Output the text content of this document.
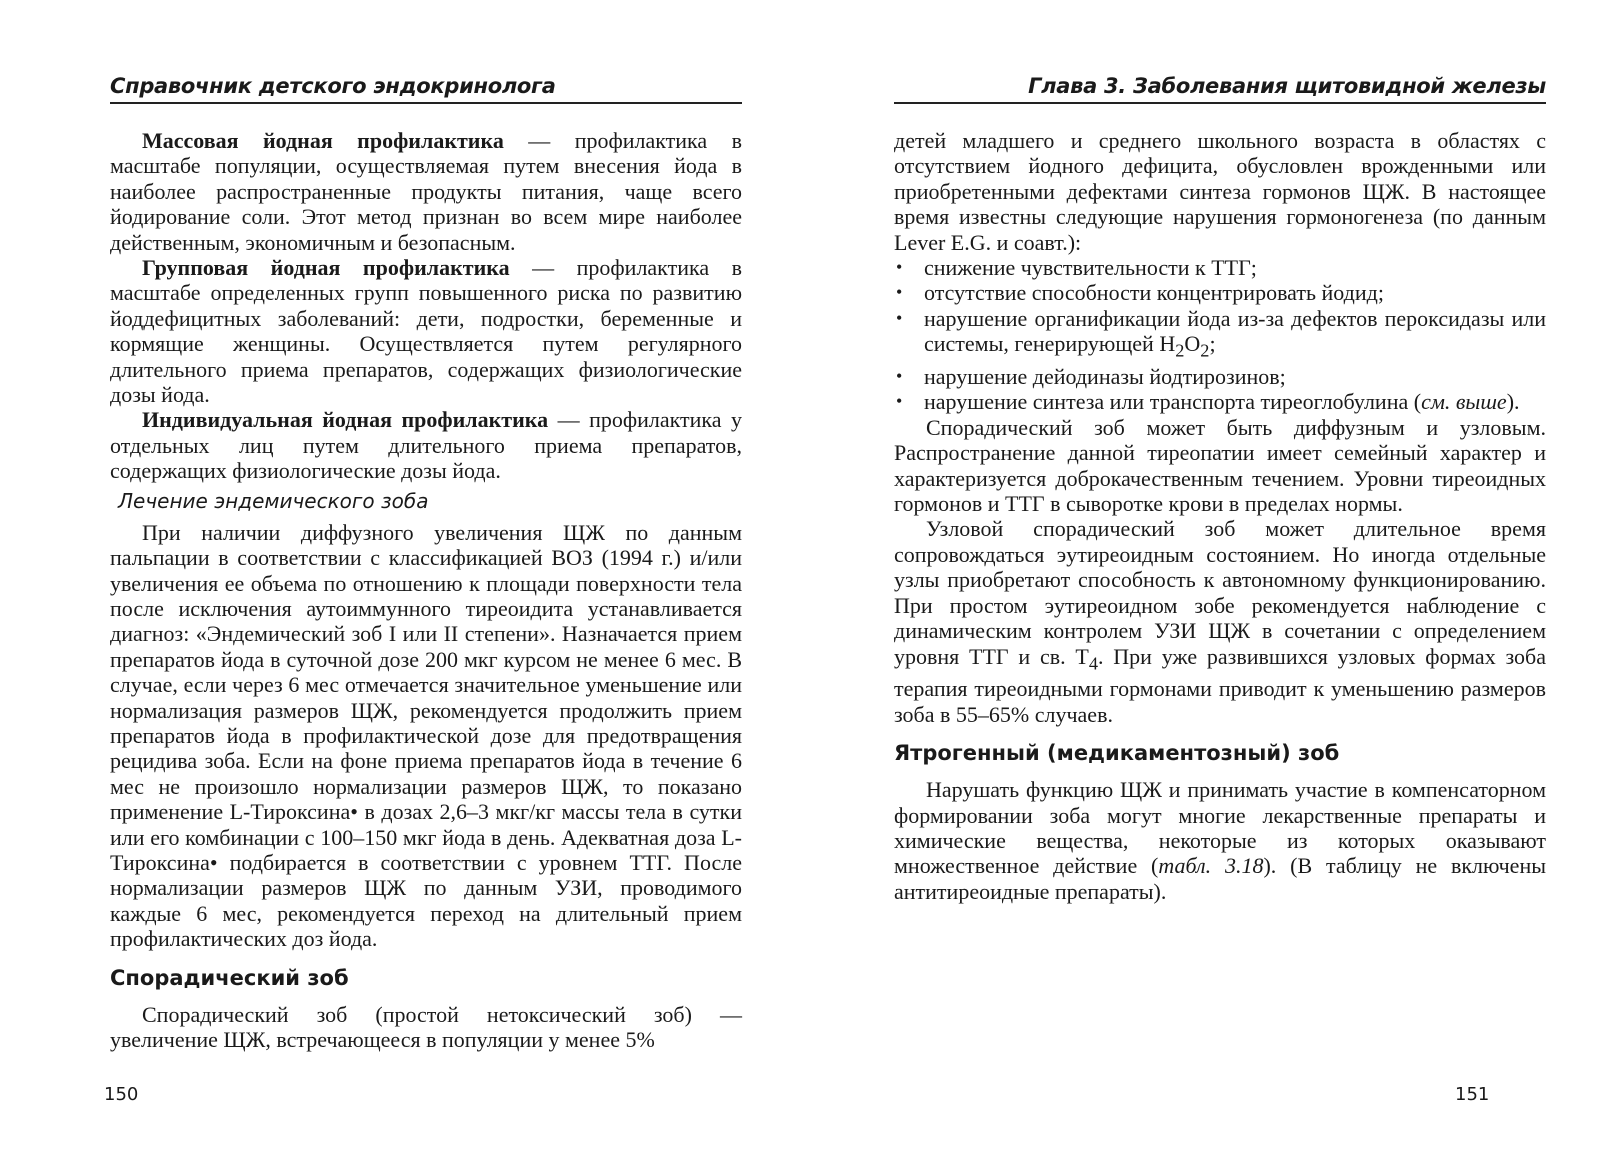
Справочник детского эндокринолога

Массовая йодная профилактика — профилактика в масштабе популяции, осуществляемая путем внесения йода в наиболее распространенные продукты питания, чаще всего йодирование соли. Этот метод признан во всем мире наиболее действенным, экономичным и безопасным.

Групповая йодная профилактика — профилактика в масштабе определенных групп повышенного риска по развитию йоддефицитных заболеваний: дети, подростки, беременные и кормящие женщины. Осуществляется путем регулярного длительного приема препаратов, содержащих физиологические дозы йода.

Индивидуальная йодная профилактика — профилактика у отдельных лиц путем длительного приема препаратов, содержащих физиологические дозы йода.

Лечение эндемического зоба

При наличии диффузного увеличения ЩЖ по данным пальпации в соответствии с классификацией ВОЗ (1994 г.) и/или увеличения ее объема по отношению к площади поверхности тела после исключения аутоиммунного тиреоидита устанавливается диагноз: «Эндемический зоб I или II степени». Назначается прием препаратов йода в суточной дозе 200 мкг курсом не менее 6 мес. В случае, если через 6 мес отмечается значительное уменьшение или нормализация размеров ЩЖ, рекомендуется продолжить прием препаратов йода в профилактической дозе для предотвращения рецидива зоба. Если на фоне приема препаратов йода в течение 6 мес не произошло нормализации размеров ЩЖ, то показано применение L-Тироксина• в дозах 2,6–3 мкг/кг массы тела в сутки или его комбинации с 100–150 мкг йода в день. Адекватная доза L-Тироксина• подбирается в соответствии с уровнем ТТГ. После нормализации размеров ЩЖ по данным УЗИ, проводимого каждые 6 мес, рекомендуется переход на длительный прием профилактических доз йода.

Спорадический зоб

Спорадический зоб (простой нетоксический зоб) — увеличение ЩЖ, встречающееся в популяции у менее 5%

150
Глава 3. Заболевания щитовидной железы

детей младшего и среднего школьного возраста в областях с отсутствием йодного дефицита, обусловлен врожденными или приобретенными дефектами синтеза гормонов ЩЖ. В настоящее время известны следующие нарушения гормоногенеза (по данным Lever E.G. и соавт.):

• снижение чувствительности к ТТГ;
• отсутствие способности концентрировать йодид;
• нарушение органификации йода из-за дефектов пероксидазы или системы, генерирующей $H_2O_2$;
• нарушение дейодиназы йодтирозинов;
• нарушение синтеза или транспорта тиреоглобулина (см. выше).

Спорадический зоб может быть диффузным и узловым. Распространение данной тиреопатии имеет семейный характер и характеризуется доброкачественным течением. Уровни тиреоидных гормонов и ТТГ в сыворотке крови в пределах нормы.

Узловой спорадический зоб может длительное время сопровождаться эутиреоидным состоянием. Но иногда отдельные узлы приобретают способность к автономному функционированию. При простом эутиреоидном зобе рекомендуется наблюдение с динамическим контролем УЗИ ЩЖ в сочетании с определением уровня ТТГ и св. $T_4$. При уже развившихся узловых формах зоба терапия тиреоидными гормонами приводит к уменьшению размеров зоба в 55–65% случаев.

Ятрогенный (медикаментозный) зоб

Нарушать функцию ЩЖ и принимать участие в компенсаторном формировании зоба могут многие лекарственные препараты и химические вещества, некоторые из которых оказывают множественное действие (табл. 3.18). (В таблицу не включены антитиреоидные препараты).

151
